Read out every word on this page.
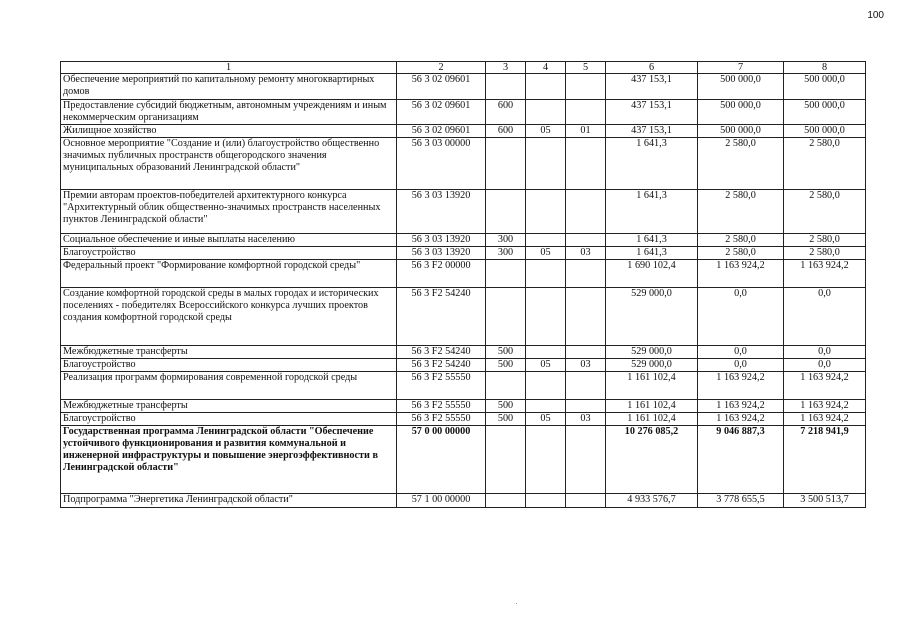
100
1	2	3	4	5	6	7	8
Обеспечение мероприятий по капитальному ремонту многоквартирных домов	56 3 02 09601				437 153,1	500 000,0	500 000,0
Предоставление субсидий бюджетным, автономным учреждениям и иным некоммерческим организациям	56 3 02 09601	600			437 153,1	500 000,0	500 000,0
Жилищное хозяйство	56 3 02 09601	600	05	01	437 153,1	500 000,0	500 000,0
Основное мероприятие "Создание и (или) благоустройство общественно значимых публичных пространств общегородского значения муниципальных образований Ленинградской области"	56 3 03 00000				1 641,3	2 580,0	2 580,0
Премии авторам проектов-победителей архитектурного конкурса "Архитектурный облик общественно-значимых пространств населенных пунктов Ленинградской области"	56 3 03 13920				1 641,3	2 580,0	2 580,0
Социальное обеспечение и иные выплаты населению	56 3 03 13920	300			1 641,3	2 580,0	2 580,0
Благоустройство	56 3 03 13920	300	05	03	1 641,3	2 580,0	2 580,0
Федеральный проект "Формирование комфортной городской среды"	56 3 F2 00000				1 690 102,4	1 163 924,2	1 163 924,2
Создание комфортной городской среды в малых городах и исторических поселениях - победителях Всероссийского конкурса лучших проектов создания комфортной городской среды	56 3 F2 54240				529 000,0	0,0	0,0
Межбюджетные трансферты	56 3 F2 54240	500			529 000,0	0,0	0,0
Благоустройство	56 3 F2 54240	500	05	03	529 000,0	0,0	0,0
Реализация программ формирования современной городской среды	56 3 F2 55550				1 161 102,4	1 163 924,2	1 163 924,2
Межбюджетные трансферты	56 3 F2 55550	500			1 161 102,4	1 163 924,2	1 163 924,2
Благоустройство	56 3 F2 55550	500	05	03	1 161 102,4	1 163 924,2	1 163 924,2
Государственная программа Ленинградской области "Обеспечение устойчивого функционирования и развития коммунальной и инженерной инфраструктуры и повышение энергоэффективности в Ленинградской области"	57 0 00 00000				10 276 085,2	9 046 887,3	7 218 941,9
Подпрограмма "Энергетика Ленинградской области"	57 1 00 00000				4 933 576,7	3 778 655,5	3 500 513,7
